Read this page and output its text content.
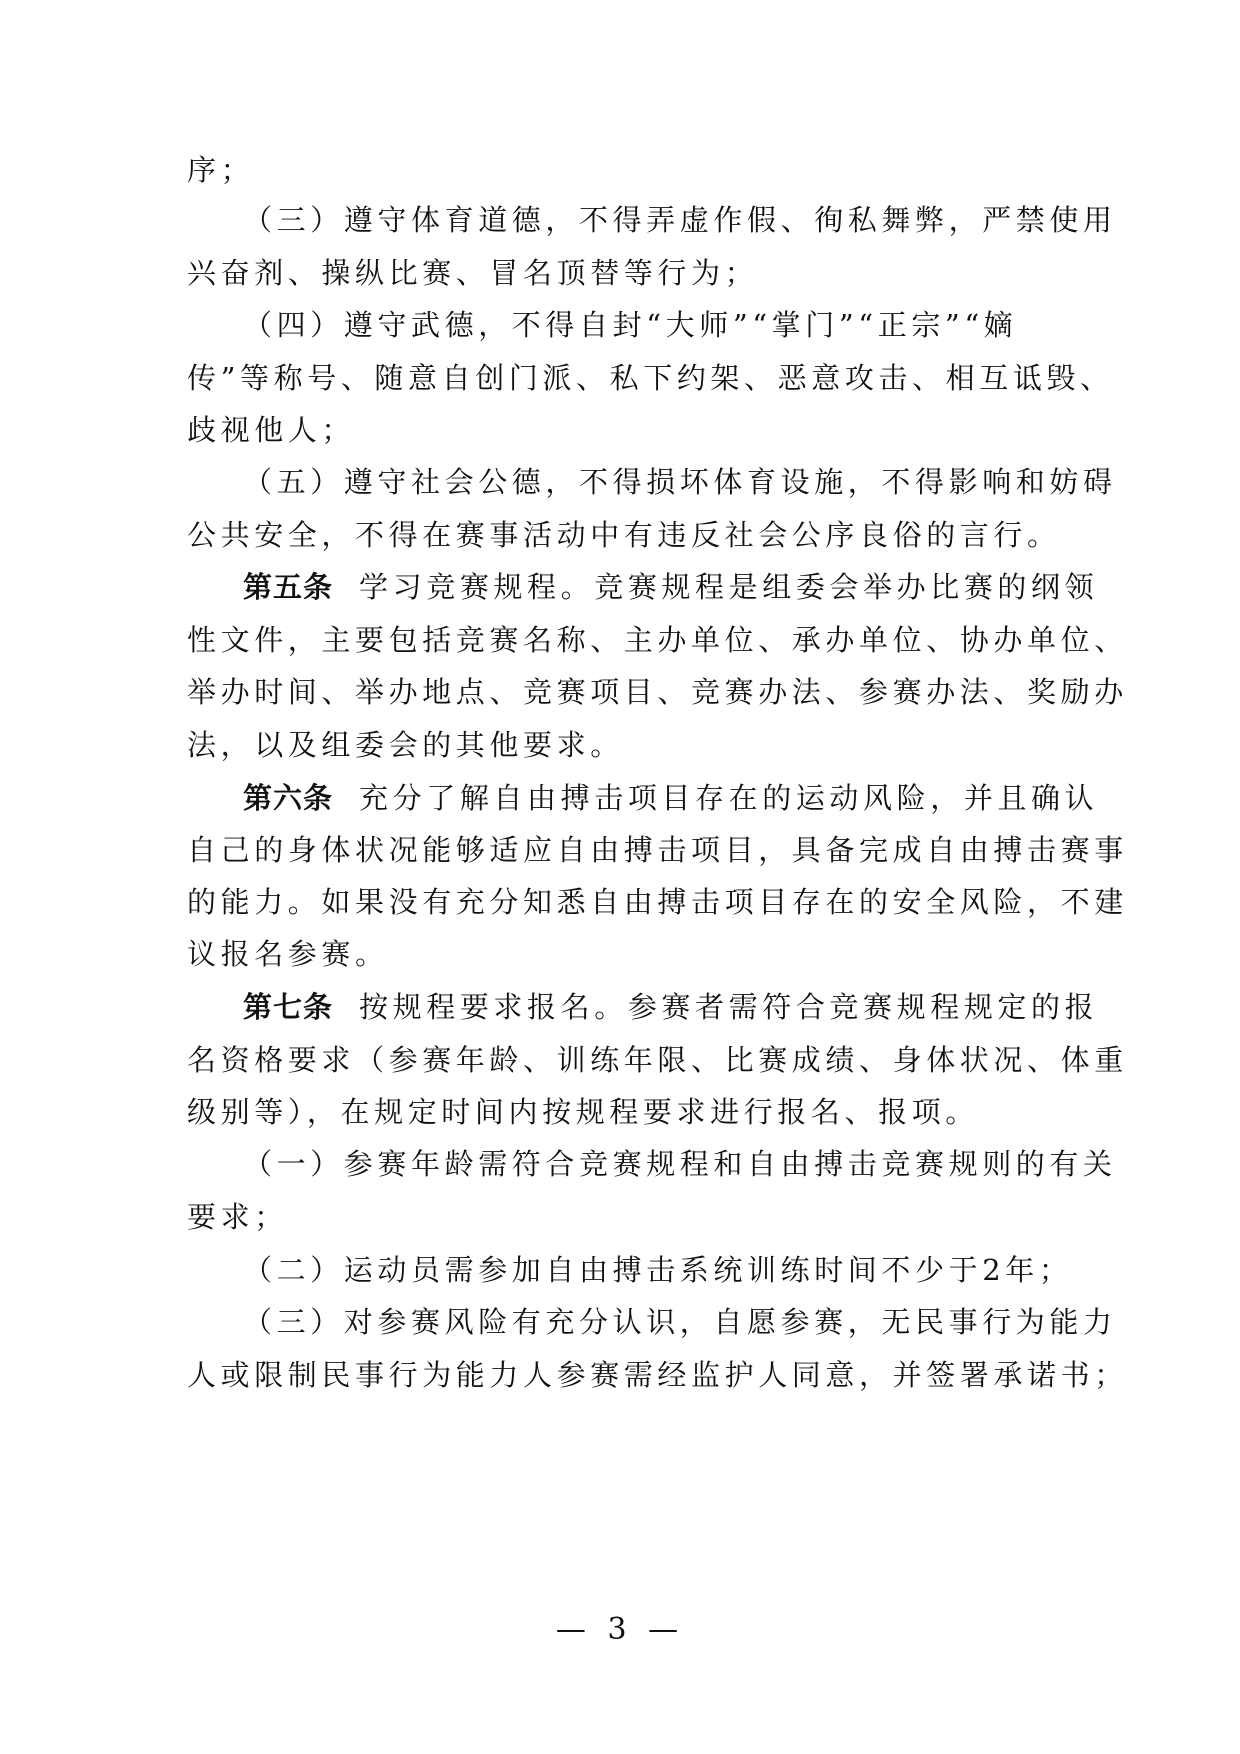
序；
（三）遵守体育道德，不得弄虚作假、徇私舞弊，严禁使用
兴奋剂、操纵比赛、冒名顶替等行为；
（四）遵守武德，不得自封“大师”“掌门”“正宗”“嫡
传”等称号、随意自创门派、私下约架、恶意攻击、相互诋毁、
歧视他人；
（五）遵守社会公德，不得损坏体育设施，不得影响和妨碍
公共安全，不得在赛事活动中有违反社会公序良俗的言行。
第五条 学习竞赛规程。竞赛规程是组委会举办比赛的纲领
性文件，主要包括竞赛名称、主办单位、承办单位、协办单位、
举办时间、举办地点、竞赛项目、竞赛办法、参赛办法、奖励办
法，以及组委会的其他要求。
第六条 充分了解自由搏击项目存在的运动风险，并且确认
自己的身体状况能够适应自由搏击项目，具备完成自由搏击赛事
的能力。如果没有充分知悉自由搏击项目存在的安全风险，不建
议报名参赛。
第七条 按规程要求报名。参赛者需符合竞赛规程规定的报
名资格要求（参赛年龄、训练年限、比赛成绩、身体状况、体重
级别等），在规定时间内按规程要求进行报名、报项。
（一）参赛年龄需符合竞赛规程和自由搏击竞赛规则的有关
要求；
（二）运动员需参加自由搏击系统训练时间不少于2年；
（三）对参赛风险有充分认识，自愿参赛，无民事行为能力
人或限制民事行为能力人参赛需经监护人同意，并签署承诺书；
— 3 —
